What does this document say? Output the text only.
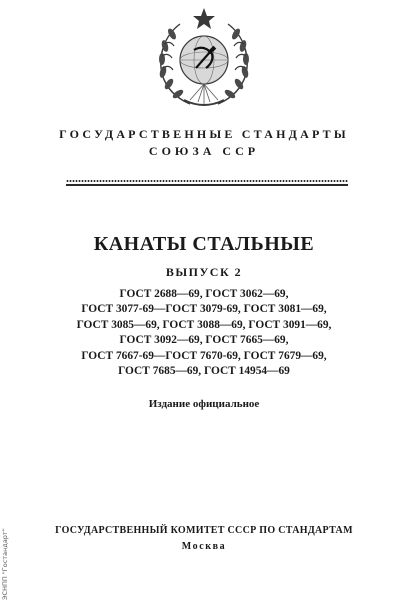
ГОСУДАРСТВЕННЫЕ СТАНДАРТЫ
СОЮЗА ССР
КАНАТЫ СТАЛЬНЫЕ
ВЫПУСК 2
ГОСТ 2688—69, ГОСТ 3062—69,
ГОСТ 3077-69—ГОСТ 3079-69, ГОСТ 3081—69,
ГОСТ 3085—69, ГОСТ 3088—69, ГОСТ 3091—69,
ГОСТ 3092—69, ГОСТ 7665—69,
ГОСТ 7667-69—ГОСТ 7670-69, ГОСТ 7679—69,
ГОСТ 7685—69, ГОСТ 14954—69
Издание официальное
ГОСУДАРСТВЕННЫЙ КОМИТЕТ СССР ПО СТАНДАРТАМ
Москва
ЭСНПП "Гостандарт"
